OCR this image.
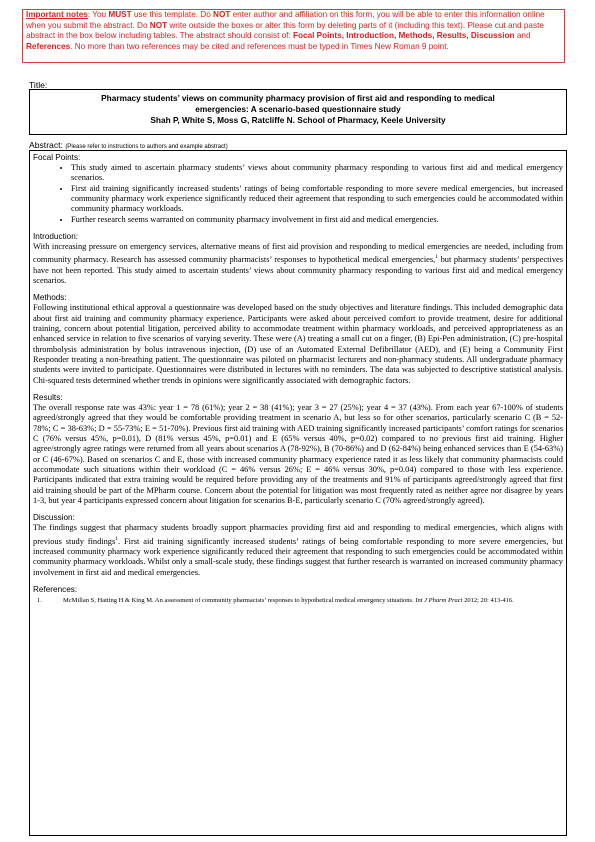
Important notes: You MUST use this template. Do NOT enter author and affiliation on this form, you will be able to enter this information online when you submit the abstract. Do NOT write outside the boxes or alter this form by deleting parts of it (including this text). Please cut and paste abstract in the box below including tables. The abstract should consist of: Focal Points, Introduction, Methods, Results, Discussion and References. No more than two references may be cited and references must be typed in Times New Roman 9 point.
Title:
Pharmacy students’ views on community pharmacy provision of first aid and responding to medical
emergencies: A scenario-based questionnaire study
Shah P, White S, Moss G, Ratcliffe N. School of Pharmacy, Keele University
Abstract: (Please refer to instructions to authors and example abstract)
Focal Points:
• This study aimed to ascertain pharmacy students’ views about community pharmacy responding to various first aid and medical emergency scenarios.
• First aid training significantly increased students’ ratings of being comfortable responding to more severe medical emergencies, but increased community pharmacy work experience significantly reduced their agreement that responding to such emergencies could be accommodated within community pharmacy workloads.
• Further research seems warranted on community pharmacy involvement in first aid and medical emergencies.
Introduction:
With increasing pressure on emergency services, alternative means of first aid provision and responding to medical emergencies are needed, including from community pharmacy. Research has assessed community pharmacists’ responses to hypothetical medical emergencies,$^1$ but pharmacy students’ perspectives have not been reported. This study aimed to ascertain students’ views about community pharmacy responding to various first aid and medical emergency scenarios.
Methods:
Following institutional ethical approval a questionnaire was developed based on the study objectives and literature findings. This included demographic data about first aid training and community pharmacy experience. Participants were asked about perceived comfort to provide treatment, desire for additional training, concern about potential litigation, perceived ability to accommodate treatment within pharmacy workloads, and perceived appropriateness as an enhanced service in relation to five scenarios of varying severity. These were (A) treating a small cut on a finger, (B) Epi-Pen administration, (C) pre-hospital thrombolysis administration by bolus intravenous injection, (D) use of an Automated External Defibrillator (AED), and (E) being a Community First Responder treating a non-breathing patient. The questionnaire was piloted on pharmacist lecturers and non-pharmacy students. All undergraduate pharmacy students were invited to participate. Questionnaires were distributed in lectures with no reminders. The data was subjected to descriptive statistical analysis. Chi-squared tests determined whether trends in opinions were significantly associated with demographic factors.
Results:
The overall response rate was 43%: year 1 = 78 (61%); year 2 = 38 (41%); year 3 = 27 (25%); year 4 = 37 (43%). From each year 67-100% of students agreed/strongly agreed that they would be comfortable providing treatment in scenario A, but less so for other scenarios, particularly scenario C (B = 52-78%; C = 38-63%; D = 55-73%; E = 51-70%). Previous first aid training with AED training significantly increased participants’ comfort ratings for scenarios C (76% versus 45%, p=0.01), D (81% versus 45%, p=0.01) and E (65% versus 40%, p=0.02) compared to no previous first aid training. Higher agree/strongly agree ratings were returned from all years about scenarios A (78-92%), B (70-86%) and D (62-84%) being enhanced services than E (54-63%) or C (46-67%). Based on scenarios C and E, those with increased community pharmacy experience rated it as less likely that community pharmacists could accommodate such situations within their workload (C = 46% versus 26%; E = 46% versus 30%, p=0.04) compared to those with less experience. Participants indicated that extra training would be required before providing any of the treatments and 91% of participants agreed/strongly agreed that first aid training should be part of the MPharm course. Concern about the potential for litigation was most frequently rated as neither agree nor disagree by years 1-3, but year 4 participants expressed concern about litigation for scenarios B-E, particularly scenario C (70% agreed/strongly agreed).
Discussion:
The findings suggest that pharmacy students broadly support pharmacies providing first aid and responding to medical emergencies, which aligns with previous study findings$^1$. First aid training significantly increased students’ ratings of being comfortable responding to more severe emergencies, but increased community pharmacy work experience significantly reduced their agreement that responding to such emergencies could be accommodated within community pharmacy workloads. Whilst only a small-scale study, these findings suggest that further research is warranted on increased community pharmacy involvement in first aid and medical emergencies.
References:
1.	McMillan S, Hatting H & King M. An assessment of community pharmacists’ responses to hypothetical medical emergency situations. Int J Pharm Pract 2012; 20: 413-416.
